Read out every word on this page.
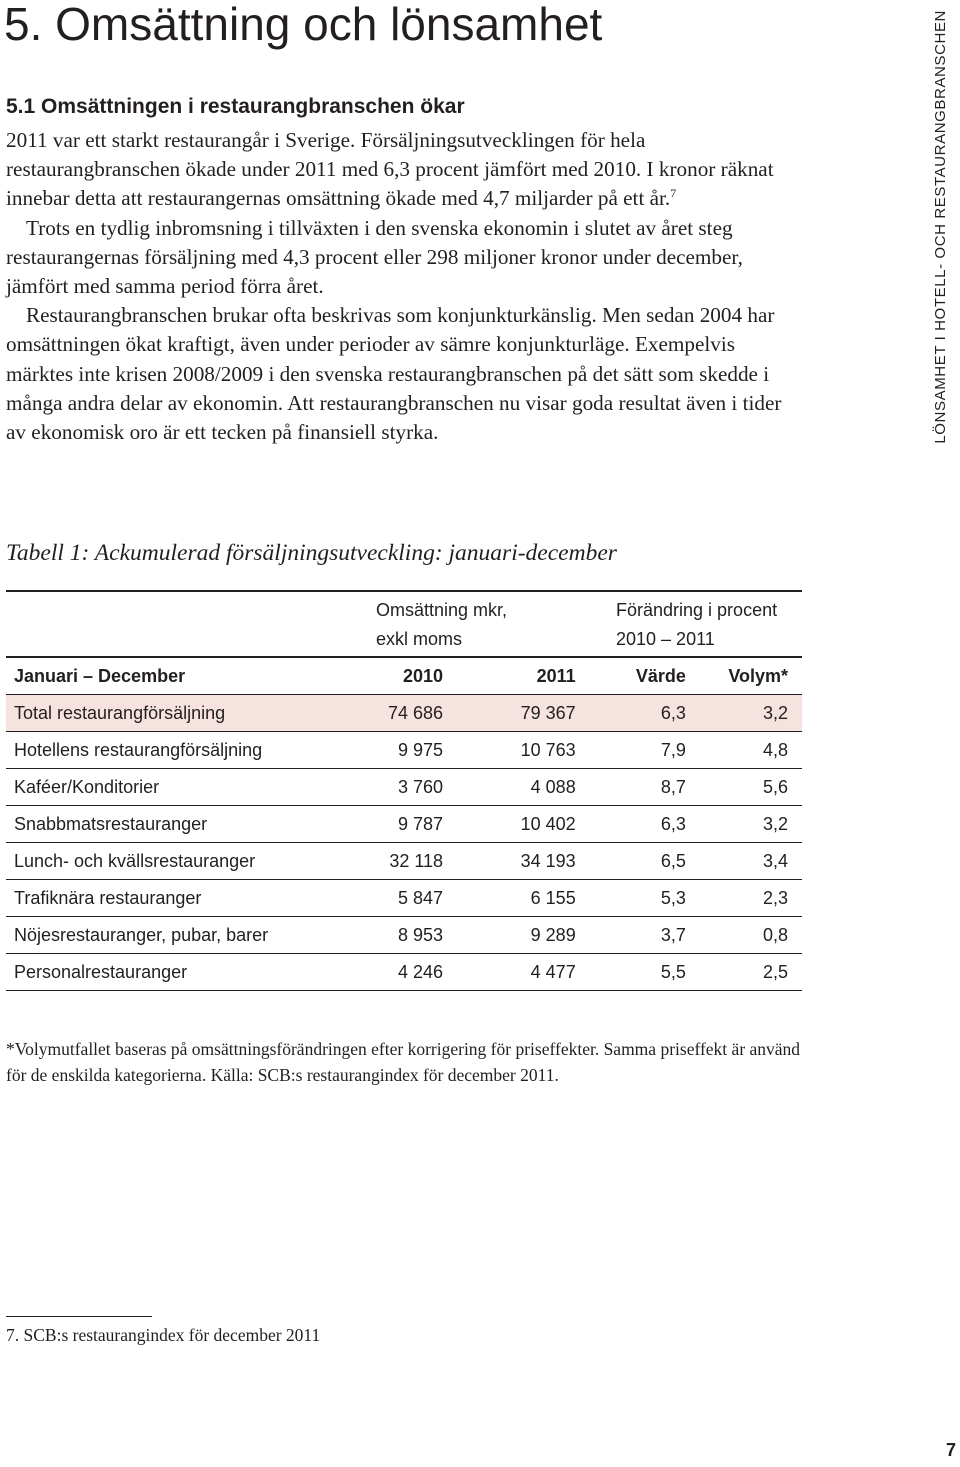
5. Omsättning och lönsamhet
5.1 Omsättningen i restaurangbranschen ökar	LÖNSAMHET I HOTELL- OCH RESTAURANGBRANSCHEN

2011 var ett starkt restaurangår i Sverige. Försäljningsutvecklingen för hela restaurangbranschen ökade under 2011 med 6,3 procent jämfört med 2010. I kronor räknat innebar detta att restaurangernas omsättning ökade med 4,7 miljarder på ett år.$^7$

Trots en tydlig inbromsning i tillväxten i den svenska ekonomin i slutet av året steg restaurangernas försäljning med 4,3 procent eller 298 miljoner kronor under december, jämfört med samma period förra året.

Restaurangbranschen brukar ofta beskrivas som konjunkturkänslig. Men sedan 2004 har omsättningen ökat kraftigt, även under perioder av sämre konjunkturläge. Exempelvis märktes inte krisen 2008/2009 i den svenska restaurangbranschen på det sätt som skedde i många andra delar av ekonomin. Att restaurangbranschen nu visar goda resultat även i tider av ekonomisk oro är ett tecken på finansiell styrka.

Tabell 1: Ackumulerad försäljningsutveckling: januari-december
Omsättning mkr,
exkl moms
Förändring i procent
2010 – 2011
Januari – December	2010	2011	Värde	Volym*
Total restaurangförsäljning	74 686	79 367	6,3	3,2
Hotellens restaurangförsäljning	9 975	10 763	7,9	4,8
Kaféer/Konditorier	3 760	4 088	8,7	5,6
Snabbmatsrestauranger	9 787	10 402	6,3	3,2
Lunch- och kvällsrestauranger	32 118	34 193	6,5	3,4
Trafiknära restauranger	5 847	6 155	5,3	2,3
Nöjesrestauranger, pubar, barer	8 953	9 289	3,7	0,8
Personalrestauranger	4 246	4 477	5,5	2,5
*Volymutfallet baseras på omsättningsförändringen efter korrigering för priseffekter. Samma priseffekt är använd för de enskilda kategorierna. Källa: SCB:s restaurangindex för december 2011.
7. SCB:s restaurangindex för december 2011
7
